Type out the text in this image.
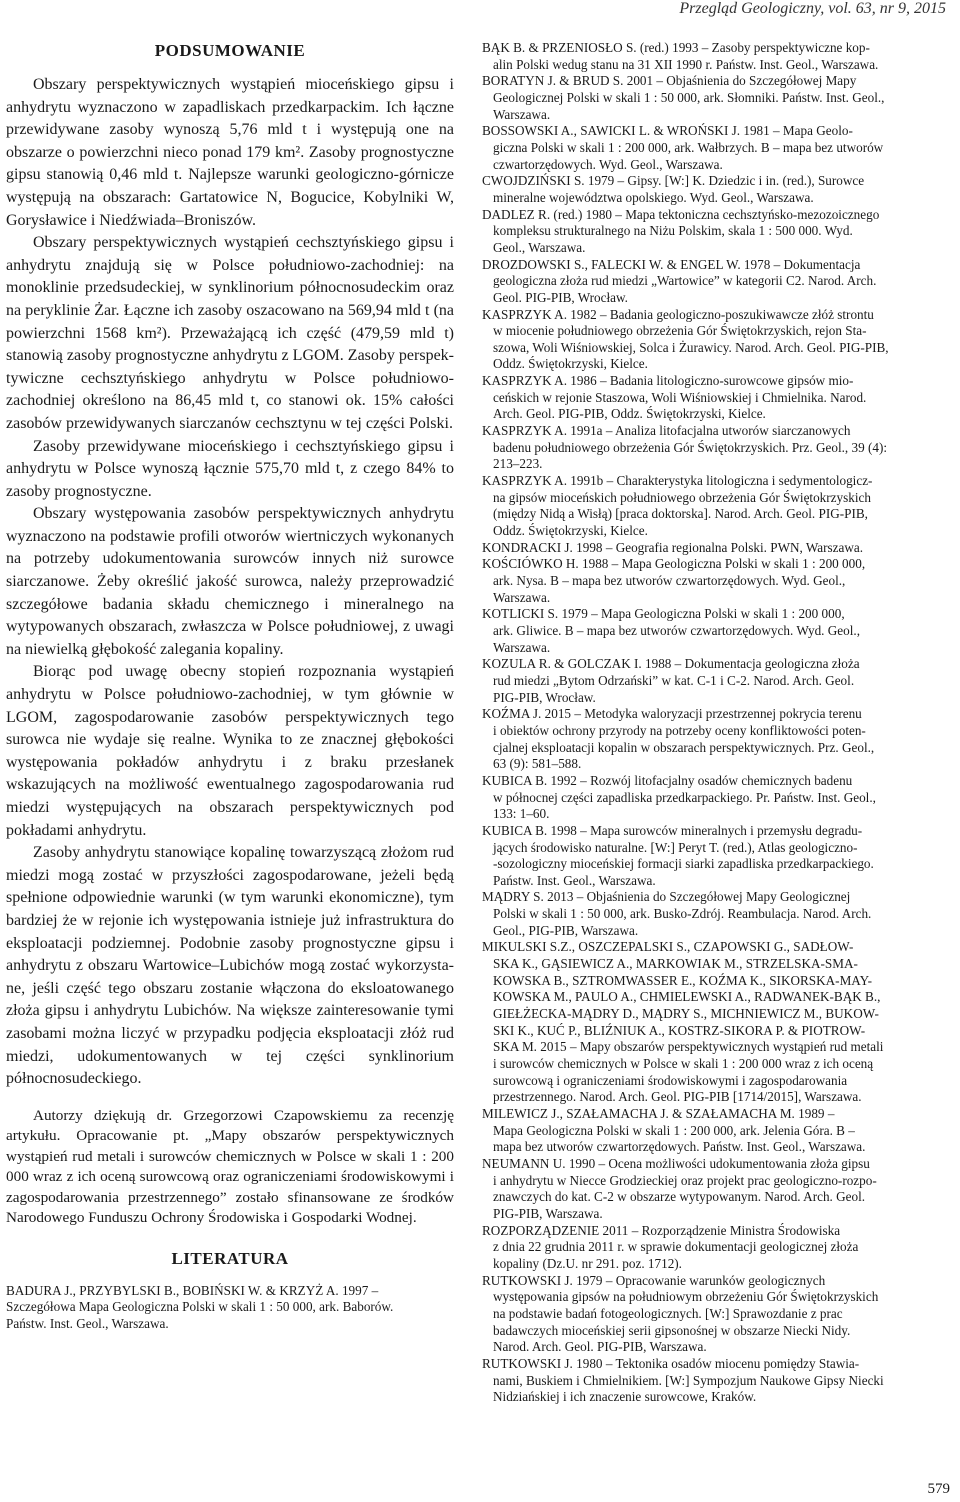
Przegląd Geologiczny, vol. 63, nr 9, 2015
PODSUMOWANIE

Obszary perspektywicznych wystąpień mioceńskiego gipsu i anhydrytu wyznaczono w zapadliskach przedkarpackim. Ich łączne przewidywane zasoby wynoszą 5,76 mld t i występują one na obszarze o powierzchni nieco ponad 179 km². Zasoby prognostyczne gipsu stanowią 0,46 mld t. Najlepsze warunki geologiczno-górnicze występują na obszarach: Gartatowice N, Bogucice, Kobylniki W, Gorysławice i Niedźwiada–Broniszów.

Obszary perspektywicznych wystąpień cechsztyńskiego gipsu i anhydrytu znajdują się w Polsce południowo-zachodniej: na monoklinie przedsudeckiej, w synklinorium północnosudeckim oraz na peryklinie Żar. Łączne ich zasoby oszacowano na 569,94 mld t (na powierzchni 1568 km²). Przeważającą ich część (479,59 mld t) stanowią zasoby prognostyczne anhydrytu z LGOM. Zasoby perspektywiczne cechsztyńskiego anhydrytu w Polsce południowo-zachodniej określono na 86,45 mld t, co stanowi ok. 15% całości zasobów przewidywanych siarczanów cechsztynu w tej części Polski.

Zasoby przewidywane mioceńskiego i cechsztyńskiego gipsu i anhydrytu w Polsce wynoszą łącznie 575,70 mld t, z czego 84% to zasoby prognostyczne.

Obszary występowania zasobów perspektywicznych anhydrytu wyznaczono na podstawie profili otworów wiertniczych wykonanych na potrzeby udokumentowania surowców innych niż surowce siarczanowe. Żeby określić jakość surowca, należy przeprowadzić szczegółowe badania składu chemicznego i mineralnego na wytypowanych obszarach, zwłaszcza w Polsce południowej, z uwagi na niewielką głębokość zalegania kopaliny.

Biorąc pod uwagę obecny stopień rozpoznania wystąpień anhydrytu w Polsce południowo-zachodniej, w tym głównie w LGOM, zagospodarowanie zasobów perspektywicznych tego surowca nie wydaje się realne. Wynika to ze znacznej głębokości występowania pokładów anhydrytu i z braku przesłanek wskazujących na możliwość ewentualnego zagospodarowania rud miedzi występujących na obszarach perspektywicznych pod pokładami anhydrytu.

Zasoby anhydrytu stanowiące kopalinę towarzyszącą złożom rud miedzi mogą zostać w przyszłości zagospodarowane, jeżeli będą spełnione odpowiednie warunki (w tym warunki ekonomiczne), tym bardziej że w rejonie ich występowania istnieje już infrastruktura do eksploatacji podziemnej. Podobnie zasoby prognostyczne gipsu i anhydrytu z obszaru Wartowice–Lubichów mogą zostać wykorzystane, jeśli część tego obszaru zostanie włączona do eksloatowanego złoża gipsu i anhydrytu Lubichów. Na większe zainteresowanie tymi zasobami można liczyć w przypadku podjęcia eksploatacji złóż rud miedzi, udokumentowanych w tej części synklinorium północnosudeckiego.

Autorzy dziękują dr. Grzegorzowi Czapowskiemu za recenzję artykułu. Opracowanie pt. „Mapy obszarów perspektywicznych wystąpień rud metali i surowców chemicznych w Polsce w skali 1 : 200 000 wraz z ich oceną surowcową oraz ograniczeniami środowiskowymi i zagospodarowania przestrzennego” zostało sfinansowane ze środków Narodowego Funduszu Ochrony Środowiska i Gospodarki Wodnej.

LITERATURA

BADURA J., PRZYBYLSKI B., BOBIŃSKI W. & KRZYŻ A. 1997 –
Szczegółowa Mapa Geologiczna Polski w skali 1 : 50 000, ark. Baborów.
Państw. Inst. Geol., Warszawa.

BĄK B. & PRZENIOSŁO S. (red.) 1993 – Zasoby perspektywiczne kop-
alin Polski wedug stanu na 31 XII 1990 r. Państw. Inst. Geol., Warszawa.

BORATYN J. & BRUD S. 2001 – Objaśnienia do Szczegółowej Mapy
Geologicznej Polski w skali 1 : 50 000, ark. Słomniki. Państw. Inst. Geol.,
Warszawa.

BOSSOWSKI A., SAWICKI L. & WROŃSKI J. 1981 – Mapa Geolo-
giczna Polski w skali 1 : 200 000, ark. Wałbrzych. B – mapa bez utworów
czwartorzędowych. Wyd. Geol., Warszawa.

CWOJDZIŃSKI S. 1979 – Gipsy. [W:] K. Dziedzic i in. (red.), Surowce
mineralne województwa opolskiego. Wyd. Geol., Warszawa.

DADLEZ R. (red.) 1980 – Mapa tektoniczna cechsztyńsko-mezozoicznego
kompleksu strukturalnego na Niżu Polskim, skala 1 : 500 000. Wyd.
Geol., Warszawa.

DROZDOWSKI S., FALECKI W. & ENGEL W. 1978 – Dokumentacja
geologiczna złoża rud miedzi „Wartowice” w kategorii C2. Narod. Arch.
Geol. PIG-PIB, Wrocław.

KASPRZYK A. 1982 – Badania geologiczno-poszukiwawcze złóż strontu
w miocenie południowego obrzeżenia Gór Świętokrzyskich, rejon Sta-
szowa, Woli Wiśniowskiej, Solca i Żurawicy. Narod. Arch. Geol. PIG-PIB,
Oddz. Świętokrzyski, Kielce.

KASPRZYK A. 1986 – Badania litologiczno-surowcowe gipsów mio-
ceńskich w rejonie Staszowa, Woli Wiśniowskiej i Chmielnika. Narod.
Arch. Geol. PIG-PIB, Oddz. Świętokrzyski, Kielce.

KASPRZYK A. 1991a – Analiza litofacjalna utworów siarczanowych
badenu południowego obrzeżenia Gór Świętokrzyskich. Prz. Geol., 39 (4):
213–223.

KASPRZYK A. 1991b – Charakterystyka litologiczna i sedymentologicz-
na gipsów mioceńskich południowego obrzeżenia Gór Świętokrzyskich
(między Nidą a Wisłą) [praca doktorska]. Narod. Arch. Geol. PIG-PIB,
Oddz. Świętokrzyski, Kielce.

KONDRACKI J. 1998 – Geografia regionalna Polski. PWN, Warszawa.

KOŚCIÓWKO H. 1988 – Mapa Geologiczna Polski w skali 1 : 200 000,
ark. Nysa. B – mapa bez utworów czwartorzędowych. Wyd. Geol.,
Warszawa.

KOTLICKI S. 1979 – Mapa Geologiczna Polski w skali 1 : 200 000,
ark. Gliwice. B – mapa bez utworów czwartorzędowych. Wyd. Geol.,
Warszawa.

KOZULA R. & GOLCZAK I. 1988 – Dokumentacja geologiczna złoża
rud miedzi „Bytom Odrzański” w kat. C-1 i C-2. Narod. Arch. Geol.
PIG-PIB, Wrocław.

KOŹMA J. 2015 – Metodyka waloryzacji przestrzennej pokrycia terenu
i obiektów ochrony przyrody na potrzeby oceny konfliktowości poten-
cjalnej eksploatacji kopalin w obszarach perspektywicznych. Prz. Geol.,
63 (9): 581–588.

KUBICA B. 1992 – Rozwój litofacjalny osadów chemicznych badenu
w północnej części zapadliska przedkarpackiego. Pr. Państw. Inst. Geol.,
133: 1–60.

KUBICA B. 1998 – Mapa surowców mineralnych i przemysłu degradu-
jących środowisko naturalne. [W:] Peryt T. (red.), Atlas geologiczno-
-sozologiczny mioceńskiej formacji siarki zapadliska przedkarpackiego.
Państw. Inst. Geol., Warszawa.

MĄDRY S. 2013 – Objaśnienia do Szczegółowej Mapy Geologicznej
Polski w skali 1 : 50 000, ark. Busko-Zdrój. Reambulacja. Narod. Arch.
Geol., PIG-PIB, Warszawa.

MIKULSKI S.Z., OSZCZEPALSKI S., CZAPOWSKI G., SADŁOW-
SKA K., GĄSIEWICZ A., MARKOWIAK M., STRZELSKA-SMA-
KOWSKA B., SZTROMWASSER E., KOŹMA K., SIKORSKA-MAY-
KOWSKA M., PAULO A., CHMIELEWSKI A., RADWANEK-BĄK B.,
GIEŁŻECKA-MĄDRY D., MĄDRY S., MICHNIEWICZ M., BUKOW-
SKI K., KUĆ P., BLIŹNIUK A., KOSTRZ-SIKORA P. & PIOTROW-
SKA M. 2015 – Mapy obszarów perspektywicznych wystąpień rud metali
i surowców chemicznych w Polsce w skali 1 : 200 000 wraz z ich oceną
surowcową i ograniczeniami środowiskowymi i zagospodarowania
przestrzennego. Narod. Arch. Geol. PIG-PIB [1714/2015], Warszawa.

MILEWICZ J., SZAŁAMACHA J. & SZAŁAMACHA M. 1989 –
Mapa Geologiczna Polski w skali 1 : 200 000, ark. Jelenia Góra. B –
mapa bez utworów czwartorzędowych. Państw. Inst. Geol., Warszawa.

NEUMANN U. 1990 – Ocena możliwości udokumentowania złoża gipsu
i anhydrytu w Niecce Grodzieckiej oraz projekt prac geologiczno-rozpo-
znawczych do kat. C-2 w obszarze wytypowanym. Narod. Arch. Geol.
PIG-PIB, Warszawa.

ROZPORZĄDZENIE 2011 – Rozporządzenie Ministra Środowiska
z dnia 22 grudnia 2011 r. w sprawie dokumentacji geologicznej złoża
kopaliny (Dz.U. nr 291. poz. 1712).

RUTKOWSKI J. 1979 – Opracowanie warunków geologicznych
występowania gipsów na południowym obrzeżeniu Gór Świętokrzyskich
na podstawie badań fotogeologicznych. [W:] Sprawozdanie z prac
badawczych mioceńskiej serii gipsonośnej w obszarze Niecki Nidy.
Narod. Arch. Geol. PIG-PIB, Warszawa.

RUTKOWSKI J. 1980 – Tektonika osadów miocenu pomiędzy Stawia-
nami, Buskiem i Chmielnikiem. [W:] Sympozjum Naukowe Gipsy Niecki
Nidziańskiej i ich znaczenie surowcowe, Kraków.

579
